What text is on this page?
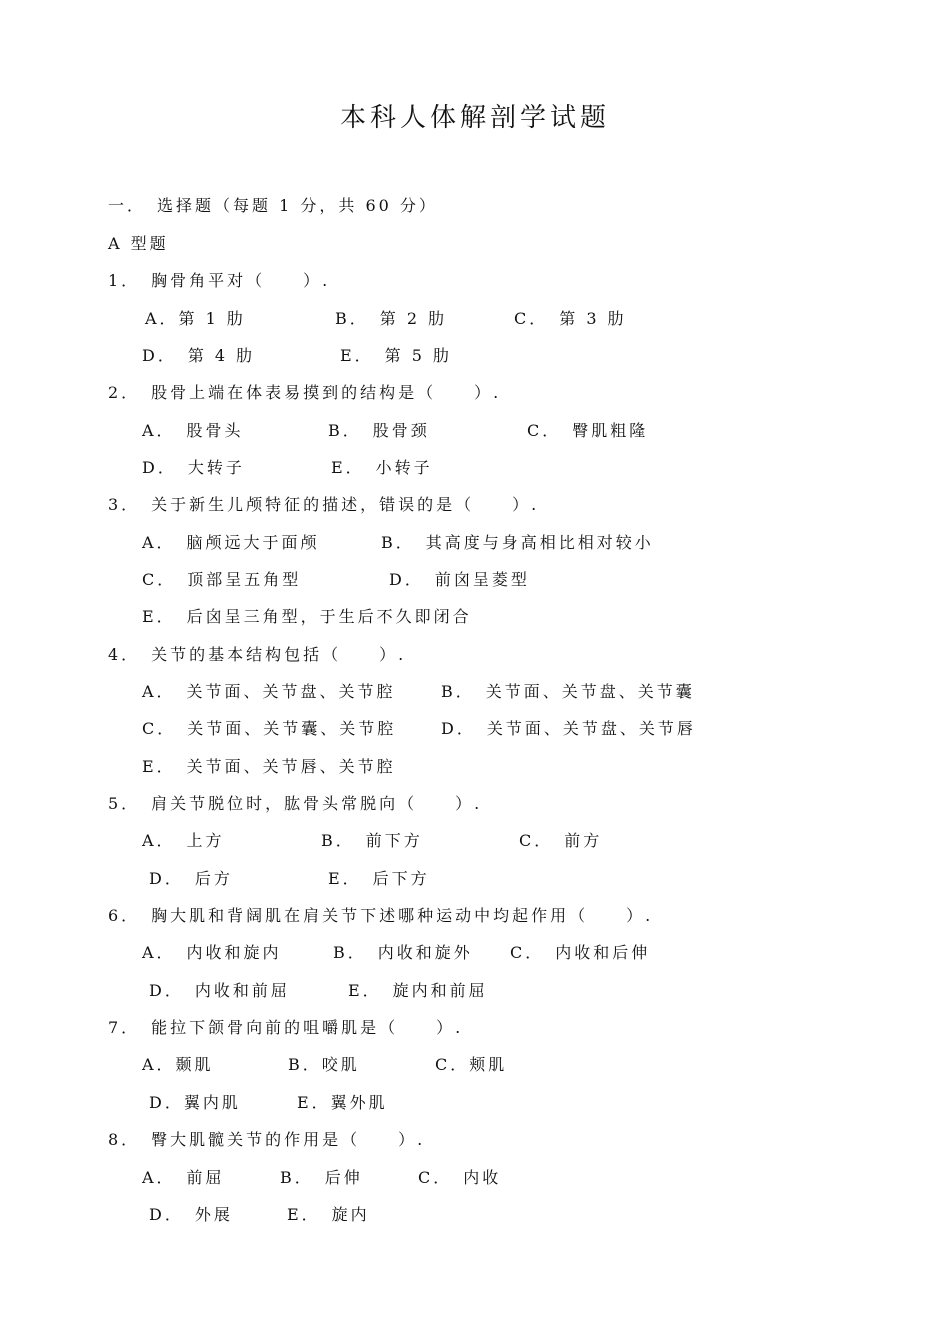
本科人体解剖学试题
一．　选择题（每题 1 分，共 60 分）
A 型题
1．　胸骨角平对（　　）.
A．第 1 肋	B．　第 2 肋	C．　第 3 肋
D．　第 4 肋	E．　第 5 肋
2．　股骨上端在体表易摸到的结构是（　　）.
A．　股骨头	B．　股骨颈	C．　臀肌粗隆
D．　大转子	E．　小转子
3．　关于新生儿颅特征的描述，错误的是（　　）.
A．　脑颅远大于面颅	B．　其高度与身高相比相对较小
C．　顶部呈五角型	D．　前囟呈菱型
E．　后囟呈三角型，于生后不久即闭合
4．　关节的基本结构包括（　　）.
A．　关节面、关节盘、关节腔	B．　关节面、关节盘、关节囊
C．　关节面、关节囊、关节腔	D．　关节面、关节盘、关节唇
E．　关节面、关节唇、关节腔
5．　肩关节脱位时，肱骨头常脱向（　　）.
A．　上方	B．　前下方	C．　前方
D．　后方	E．　后下方
6．　胸大肌和背阔肌在肩关节下述哪种运动中均起作用（　　）.
A．　内收和旋内	B．　内收和旋外 C．　内收和后伸
D．　内收和前屈	E．　旋内和前屈
7．　能拉下颌骨向前的咀嚼肌是（　　）.
A．颞肌	B．咬肌	C．颊肌
D．翼内肌	E．翼外肌
8．　臀大肌髋关节的作用是（　　）.
A．　前屈	B．　后伸	C．　内收
D．　外展	E．　旋内
